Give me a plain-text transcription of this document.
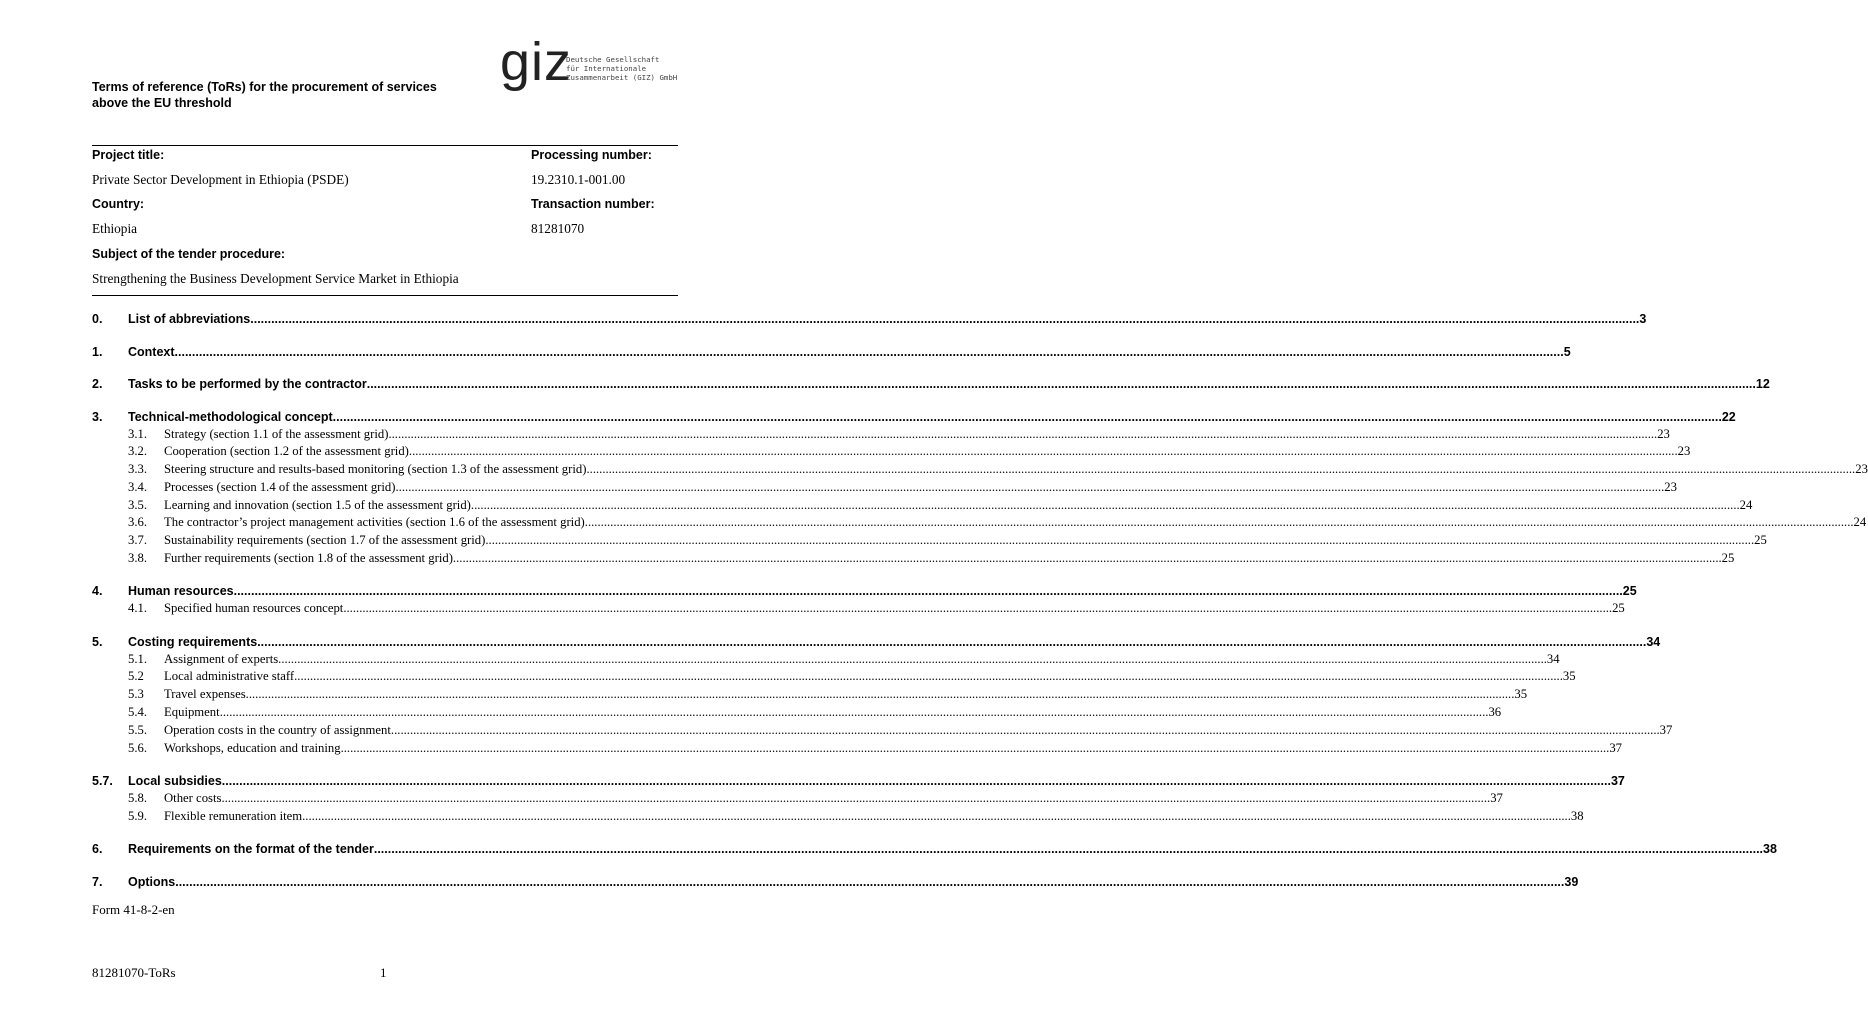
Terms of reference (ToRs) for the procurement of services
above the EU threshold
giz
Deutsche Gesellschaft
für Internationale
Zusammenarbeit (GIZ) GmbH
Project title:	Processing number:
Private Sector Development in Ethiopia (PSDE)	19.2310.1-001.00
Country:	Transaction number:
Ethiopia	81281070
Subject of the tender procedure:
Strengthening the Business Development Service Market in Ethiopia
0.	List of abbreviations ................................................................................................................................................................................................................................................................................................................................................................................................................ 3
1.	Context ................................................................................................................................................................................................................................................................................................................................................................................................................ 5
2.	Tasks to be performed by the contractor ................................................................................................................................................................................................................................................................................................................................................................................................................ 12
3.	Technical-methodological concept ................................................................................................................................................................................................................................................................................................................................................................................................................ 22
3.1.	Strategy (section 1.1 of the assessment grid) ................................................................................................................................................................................................................................................................................................................................................................................................................ 23
3.2.	Cooperation (section 1.2 of the assessment grid) ................................................................................................................................................................................................................................................................................................................................................................................................................ 23
3.3.	Steering structure and results-based monitoring (section 1.3 of the assessment grid) ................................................................................................................................................................................................................................................................................................................................................................................................................ 23
3.4.	Processes (section 1.4 of the assessment grid) ................................................................................................................................................................................................................................................................................................................................................................................................................ 23
3.5.	Learning and innovation (section 1.5 of the assessment grid) ................................................................................................................................................................................................................................................................................................................................................................................................................ 24
3.6.	The contractor’s project management activities (section 1.6 of the assessment grid) ................................................................................................................................................................................................................................................................................................................................................................................................................ 24
3.7.	Sustainability requirements (section 1.7 of the assessment grid) ................................................................................................................................................................................................................................................................................................................................................................................................................ 25
3.8.	Further requirements (section 1.8 of the assessment grid) ................................................................................................................................................................................................................................................................................................................................................................................................................ 25
4.	Human resources ................................................................................................................................................................................................................................................................................................................................................................................................................ 25
4.1.	Specified human resources concept ................................................................................................................................................................................................................................................................................................................................................................................................................ 25
5.	Costing requirements ................................................................................................................................................................................................................................................................................................................................................................................................................ 34
5.1.	Assignment of experts ................................................................................................................................................................................................................................................................................................................................................................................................................ 34
5.2	Local administrative staff ................................................................................................................................................................................................................................................................................................................................................................................................................ 35
5.3	Travel expenses ................................................................................................................................................................................................................................................................................................................................................................................................................ 35
5.4.	Equipment ................................................................................................................................................................................................................................................................................................................................................................................................................ 36
5.5.	Operation costs in the country of assignment ................................................................................................................................................................................................................................................................................................................................................................................................................ 37
5.6.	Workshops, education and training ................................................................................................................................................................................................................................................................................................................................................................................................................ 37
5.7.	Local subsidies ................................................................................................................................................................................................................................................................................................................................................................................................................ 37
5.8.	Other costs ................................................................................................................................................................................................................................................................................................................................................................................................................ 37
5.9.	Flexible remuneration item ................................................................................................................................................................................................................................................................................................................................................................................................................ 38
6.	Requirements on the format of the tender ................................................................................................................................................................................................................................................................................................................................................................................................................ 38
7.	Options ................................................................................................................................................................................................................................................................................................................................................................................................................ 39
Form 41-8-2-en
81281070-ToRs	1
